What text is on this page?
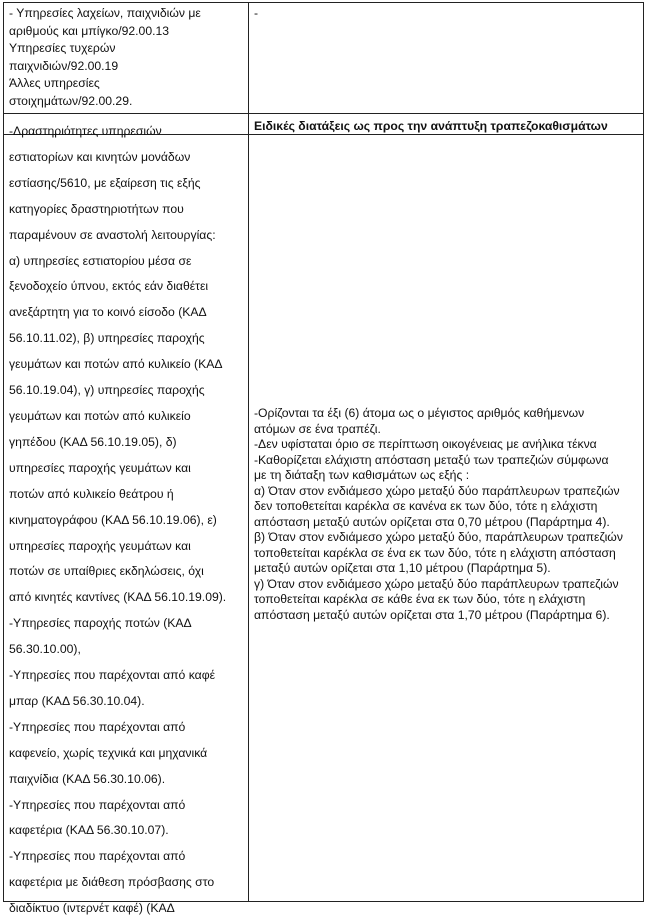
- Υπηρεσίες λαχείων, παιχνιδιών με
αριθμούς και μπίγκο/92.00.13
Υπηρεσίες τυχερών
παιχνιδιών/92.00.19
Άλλες υπηρεσίες
στοιχημάτων/92.00.29.
-
-Δραστηριότητες υπηρεσιών
εστιατορίων και κινητών μονάδων
εστίασης/5610, με εξαίρεση τις εξής
κατηγορίες δραστηριοτήτων που
παραμένουν σε αναστολή λειτουργίας:
α) υπηρεσίες εστιατορίου μέσα σε
ξενοδοχείο ύπνου, εκτός εάν διαθέτει
ανεξάρτητη για το κοινό είσοδο (ΚΑΔ
56.10.11.02), β) υπηρεσίες παροχής
γευμάτων και ποτών από κυλικείο (ΚΑΔ
56.10.19.04), γ) υπηρεσίες παροχής
γευμάτων και ποτών από κυλικείο
γηπέδου (ΚΑΔ 56.10.19.05), δ)
υπηρεσίες παροχής γευμάτων και
ποτών από κυλικείο θεάτρου ή
κινηματογράφου (ΚΑΔ 56.10.19.06), ε)
υπηρεσίες παροχής γευμάτων και
ποτών σε υπαίθριες εκδηλώσεις, όχι
από κινητές καντίνες (ΚΑΔ 56.10.19.09).
-Υπηρεσίες παροχής ποτών (ΚΑΔ
56.30.10.00),
-Υπηρεσίες που παρέχονται από καφέ
μπαρ (ΚΑΔ 56.30.10.04).
-Υπηρεσίες που παρέχονται από
καφενείο, χωρίς τεχνικά και μηχανικά
παιχνίδια (ΚΑΔ 56.30.10.06).
-Υπηρεσίες που παρέχονται από
καφετέρια (ΚΑΔ 56.30.10.07).
-Υπηρεσίες που παρέχονται από
καφετέρια με διάθεση πρόσβασης στο
διαδίκτυο (ιντερνέτ καφέ) (ΚΑΔ
Ειδικές διατάξεις ως προς την ανάπτυξη τραπεζοκαθισμάτων
-Ορίζονται τα έξι (6) άτομα ως ο μέγιστος αριθμός καθήμενων
ατόμων σε ένα τραπέζι.
-Δεν υφίσταται όριο σε περίπτωση οικογένειας με ανήλικα τέκνα
-Καθορίζεται ελάχιστη απόσταση μεταξύ των τραπεζιών σύμφωνα
με τη διάταξη των καθισμάτων ως εξής :
α) Όταν στον ενδιάμεσο χώρο μεταξύ δύο παράπλευρων τραπεζιών
δεν τοποθετείται καρέκλα σε κανένα εκ των δύο, τότε η ελάχιστη
απόσταση μεταξύ αυτών ορίζεται στα 0,70 μέτρου (Παράρτημα 4).
β) Όταν στον ενδιάμεσο χώρο μεταξύ δύο, παράπλευρων τραπεζιών
τοποθετείται καρέκλα σε ένα εκ των δύο, τότε η ελάχιστη απόσταση
μεταξύ αυτών ορίζεται στα 1,10 μέτρου (Παράρτημα 5).
γ) Όταν στον ενδιάμεσο χώρο μεταξύ δύο παράπλευρων τραπεζιών
τοποθετείται καρέκλα σε κάθε ένα εκ των δύο, τότε η ελάχιστη
απόσταση μεταξύ αυτών ορίζεται στα 1,70 μέτρου (Παράρτημα 6).
